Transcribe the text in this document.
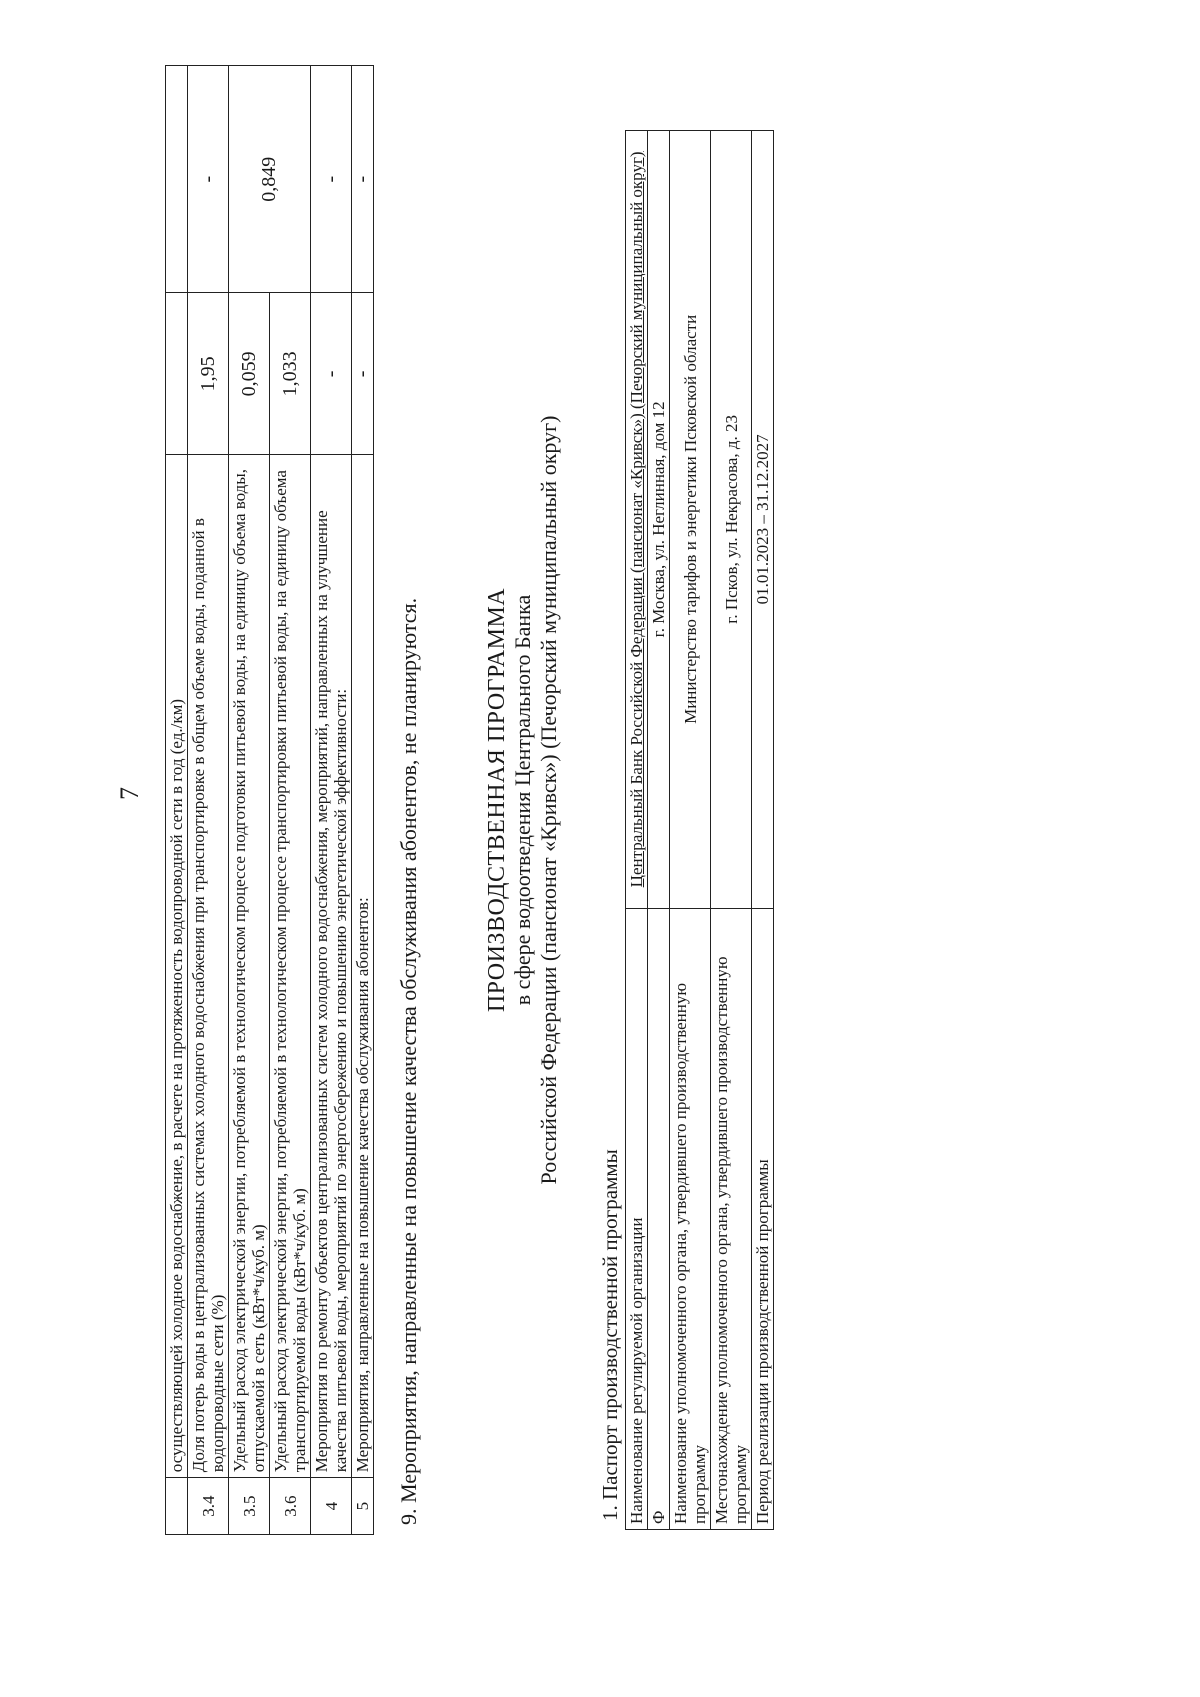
7
	осуществляющей холодное водоснабжение, в расчете на протяженность водопроводной сети в год (ед./км)		
3.4	Доля потерь воды в централизованных системах холодного водоснабжения при транспортировке в общем объеме воды, поданной в водопроводные сети (%)	1,95	-
3.5	Удельный расход электрической энергии, потребляемой в технологическом процессе подготовки питьевой воды, на единицу объема воды, отпускаемой в сеть (кВт*ч/куб. м)	0,059	0,849
3.6	Удельный расход электрической энергии, потребляемой в технологическом процессе транспортировки питьевой воды, на единицу объема транспортируемой воды (кВт*ч/куб. м)	1,033	
4	Мероприятия по ремонту объектов централизованных систем холодного водоснабжения, мероприятий, направленных на улучшение качества питьевой воды, мероприятий по энергосбережению и повышению энергетической эффективности:	-	-
5	Мероприятия, направленные на повышение качества обслуживания абонентов:	-	-
9. Мероприятия, направленные на повышение качества обслуживания абонентов, не планируются.	ПРОИЗВОДСТВЕННАЯ ПРОГРАММА в сфере водоотведения Центрального Банка Российской Федерации (пансионат «Кривск») (Печорский муниципальный округ)
1. Паспорт производственной программы Наименование регулируемой организации	Центральный Банк Российской Федерации (пансионат «Кривск») (Печорский муниципальный округ)
Ф	г. Москва, ул. Неглинная, дом 12
Наименование уполномоченного органа, утвердившего производственную программу	Министерство тарифов и энергетики Псковской области
Местонахождение уполномоченного органа, утвердившего производственную программу	г. Псков, ул. Некрасова, д. 23
Период реализации производственной программы	01.01.2023 – 31.12.2027
